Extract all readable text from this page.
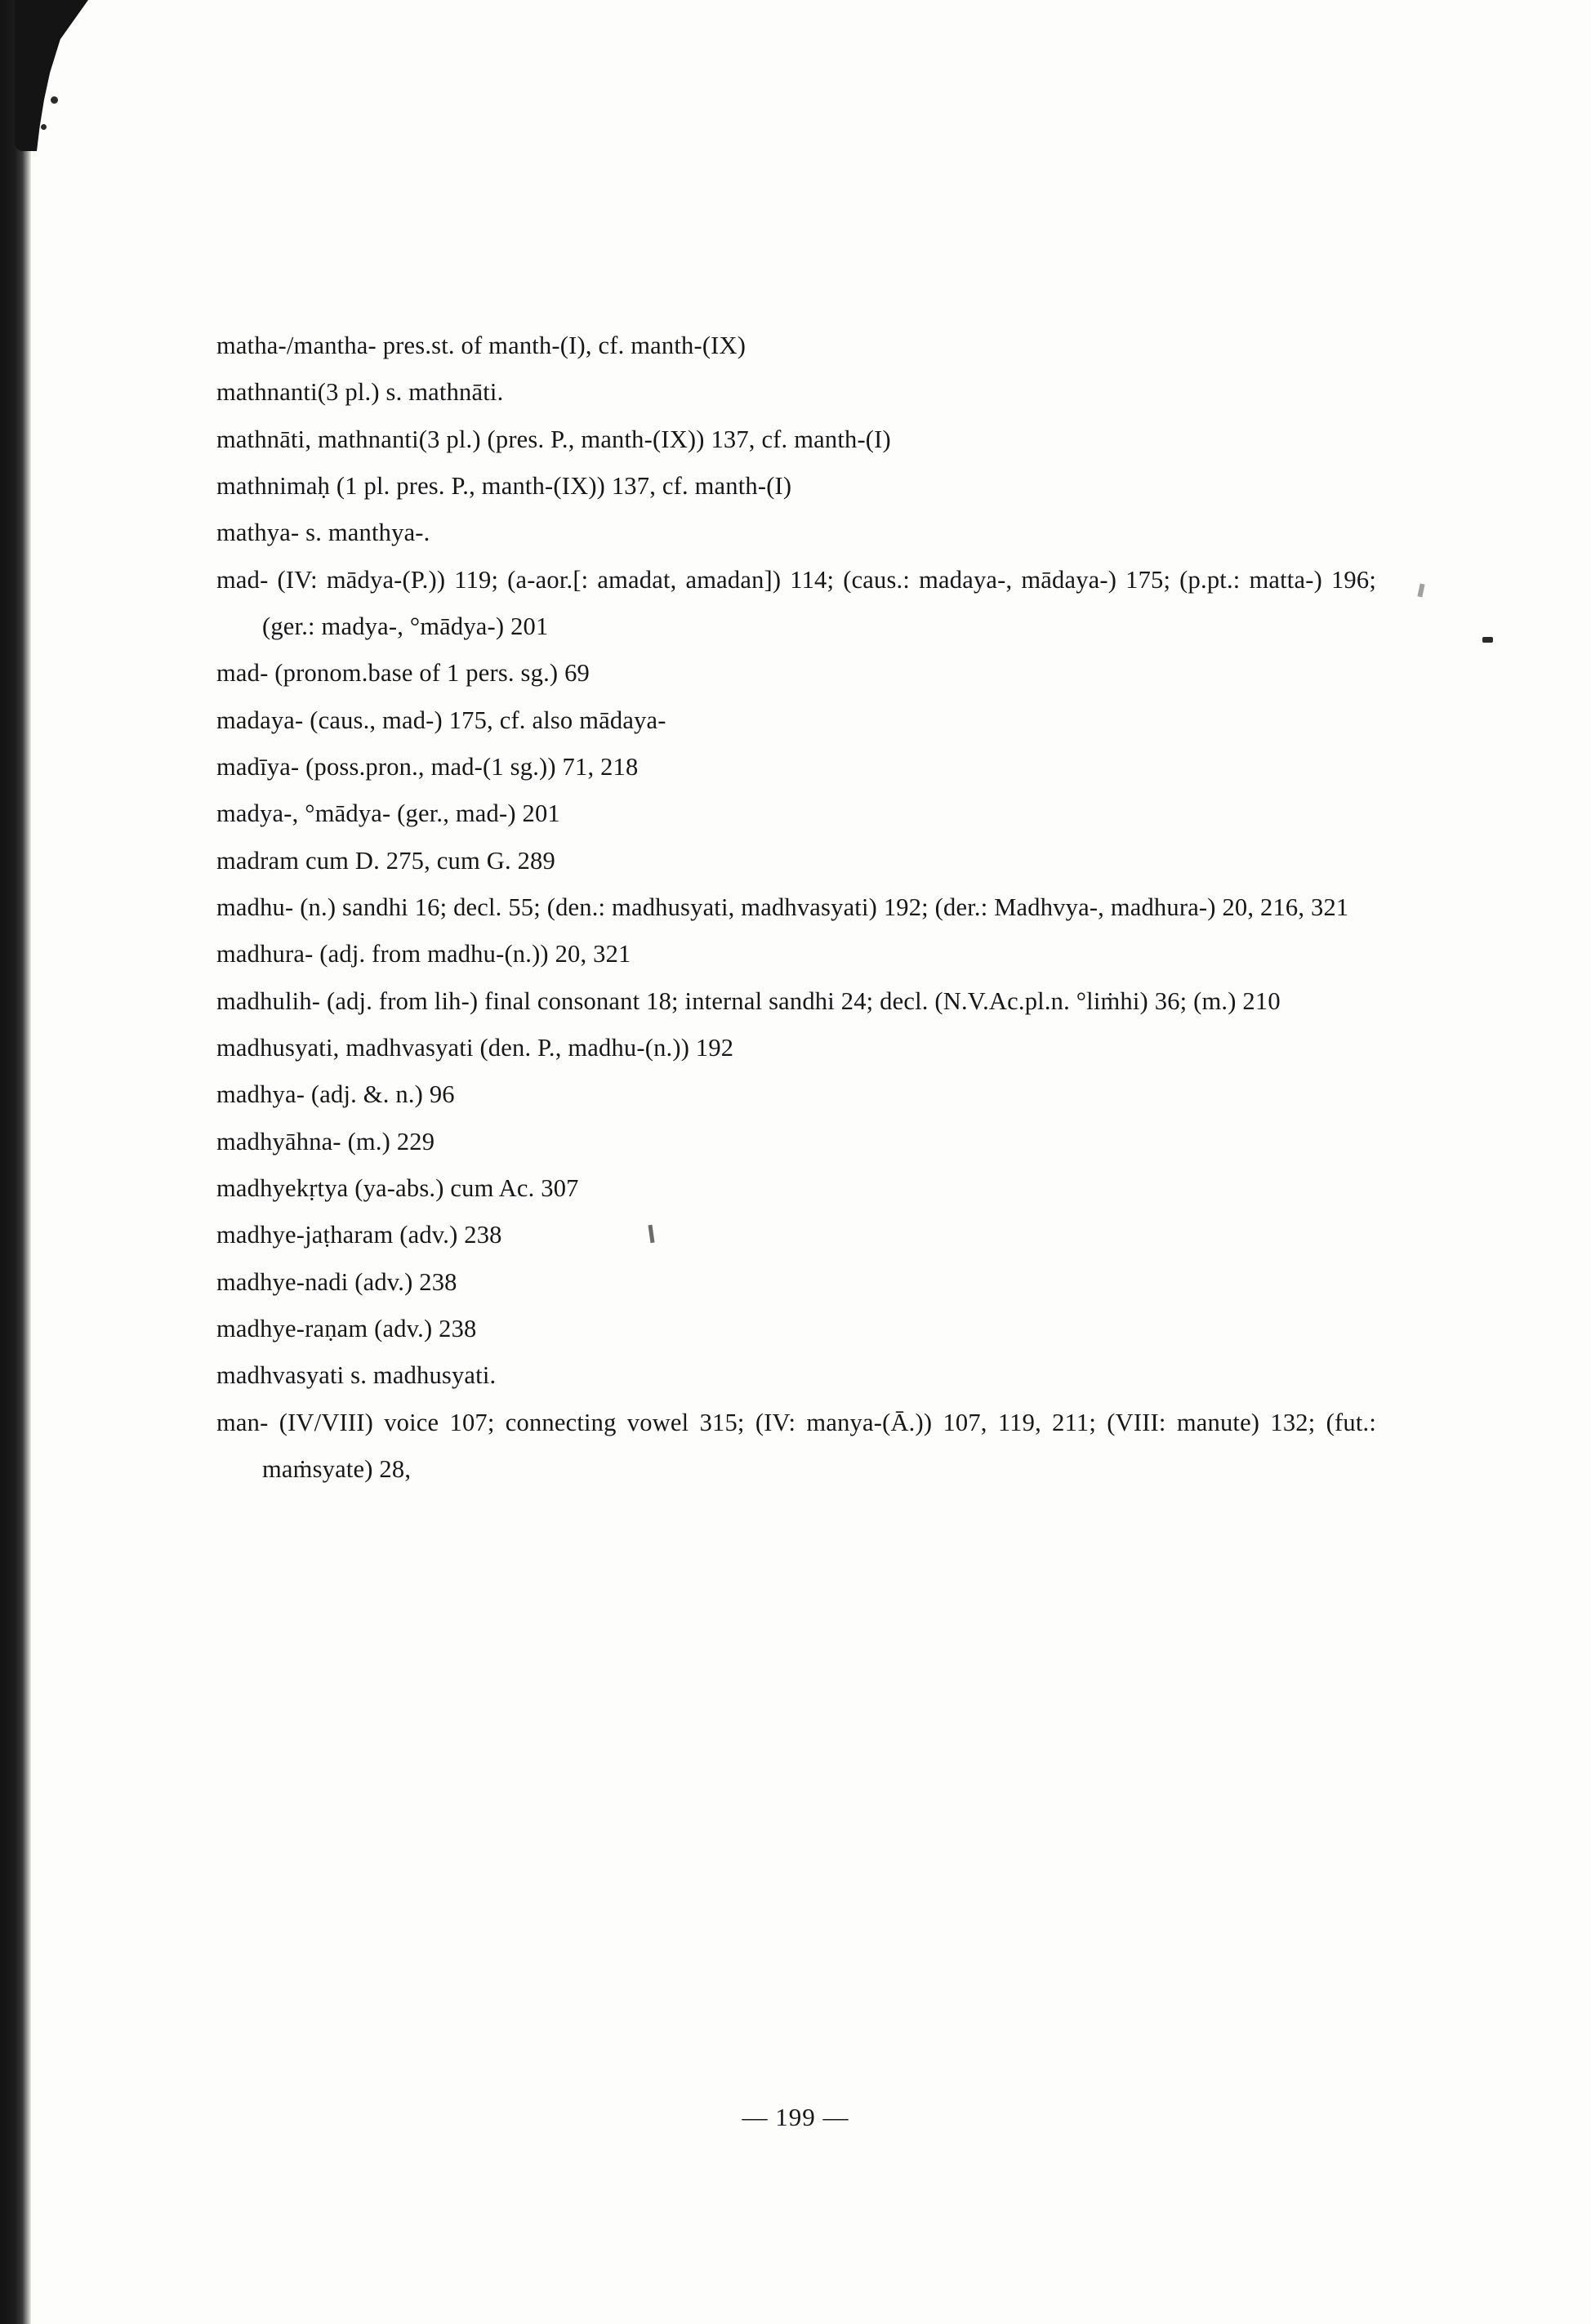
matha-/mantha- pres.st. of manth-(I), cf. manth-(IX)

mathnanti(3 pl.) s. mathnāti.

mathnāti, mathnanti(3 pl.) (pres. P., manth-(IX)) 137, cf. manth-(I)

mathnimaḥ (1 pl. pres. P., manth-(IX)) 137, cf. manth-(I)

mathya- s. manthya-.

mad- (IV: mādya-(P.)) 119; (a-aor.[: amadat, amadan]) 114; (caus.: madaya-, mādaya-) 175; (p.pt.: matta-) 196; (ger.: madya-, °mādya-) 201

mad- (pronom.base of 1 pers. sg.) 69

madaya- (caus., mad-) 175, cf. also mādaya-

madīya- (poss.pron., mad-(1 sg.)) 71, 218

madya-, °mādya- (ger., mad-) 201

madram cum D. 275, cum G. 289

madhu- (n.) sandhi 16; decl. 55; (den.: madhusyati, madhvasyati) 192; (der.: Madhvya-, madhura-) 20, 216, 321

madhura- (adj. from madhu-(n.)) 20, 321

madhulih- (adj. from lih-) final consonant 18; internal sandhi 24; decl. (N.V.Ac.pl.n. °liṁhi) 36; (m.) 210

madhusyati, madhvasyati (den. P., madhu-(n.)) 192

madhya- (adj. &. n.) 96

madhyāhna- (m.) 229

madhyekṛtya (ya-abs.) cum Ac. 307

madhye-jaṭharam (adv.) 238

madhye-nadi (adv.) 238

madhye-raṇam (adv.) 238

madhvasyati s. madhusyati.

man- (IV/VIII) voice 107; connecting vowel 315; (IV: manya-(Ā.)) 107, 119, 211; (VIII: manute) 132; (fut.: maṁsyate) 28,

— 199 —
